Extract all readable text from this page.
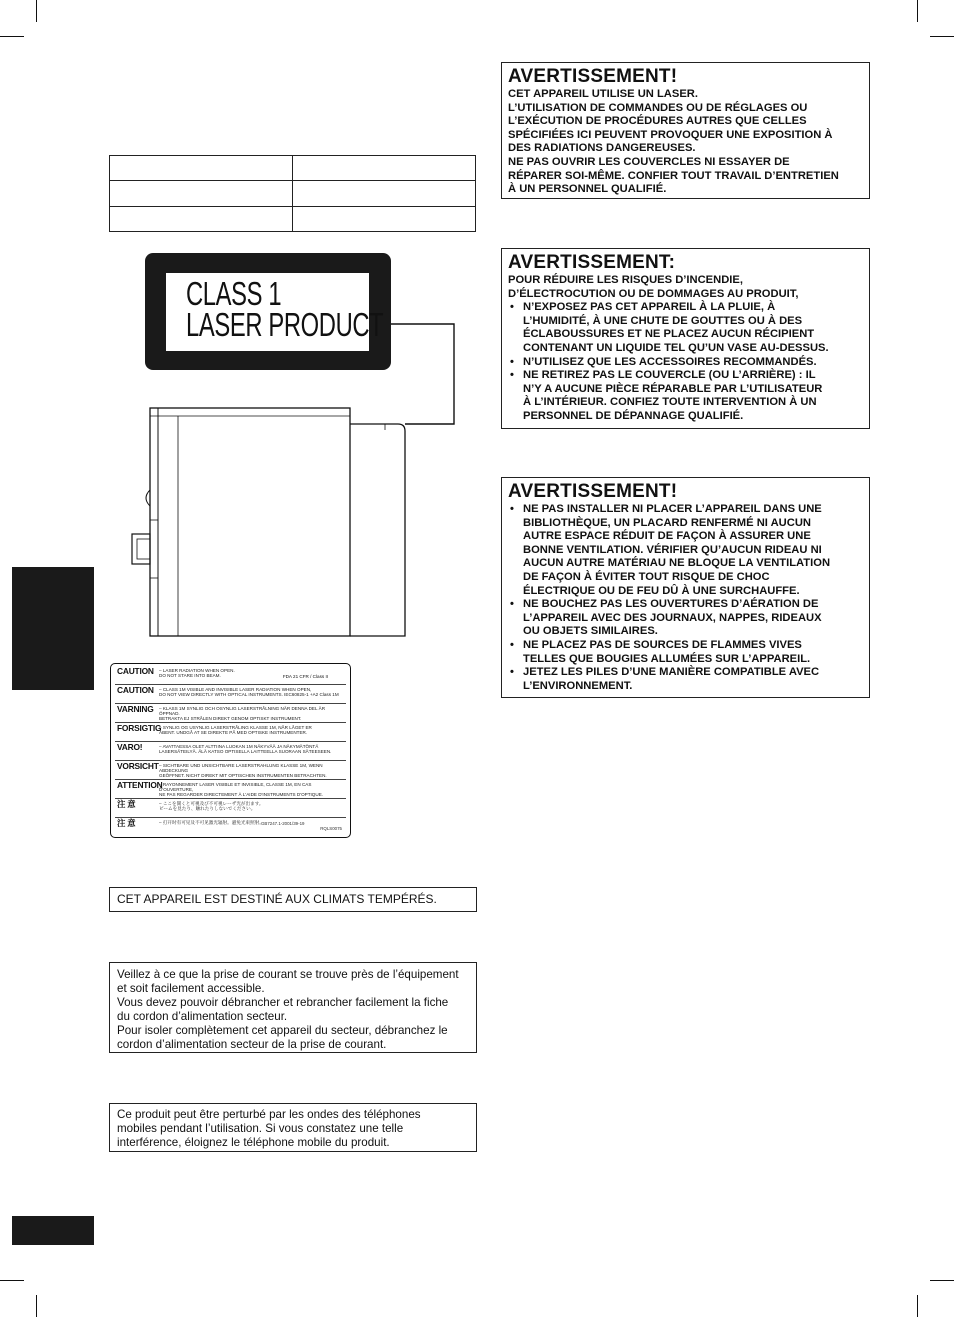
CLASS 1
LASER PRODUCT
CAUTION – LASER RADIATION WHEN OPEN.
DO NOT STARE INTO BEAM.	FDA 21 CFR / Class II
CAUTION – CLASS 1M VISIBLE AND INVISIBLE LASER RADIATION WHEN OPEN,
DO NOT VIEW DIRECTLY WITH OPTICAL INSTRUMENTS. IEC60825-1 +A2 Class 1M
VARNING – KLASS 1M SYNLIG OCH OSYNLIG LASERSTRÅLNING NÄR DENNA DEL ÄR ÖPPNAD.
BETRAKTA EJ STRÅLEN DIREKT GENOM OPTISKT INSTRUMENT.
FORSIGTIG
– SYNLIG OG USYNLIG LASERSTRÅLING KLASSE 1M, NÅR LÅGET ER
ÅBENT. UNDGÅ AT SE DIREKTE PÅ MED OPTISKE INSTRUMENTER.
VARO!	– AVATTAESSA OLET ALTTIINA LUOKAN 1M NÄKYVÄÄ JA NÄKYMÄTÖNTÄ
LASERSÄTEILYÄ. ÄLÄ KATSO OPTISELLA LAITTEELLA SUORAAN SÄTEESEEN.
VORSICHT – SICHTBARE UND UNSICHTBARE LASERSTRAHLUNG KLASSE 1M, WENN ABDECKUNG
GEÖFFNET. NICHT DIREKT MIT OPTISCHEN INSTRUMENTEN BETRACHTEN.
ATTENTION
– RAYONNEMENT LASER VISIBLE ET INVISIBLE, CLASSE 1M, EN CAS D'OUVERTURE,
NE PAS REGARDER DIRECTEMENT À L'AIDE D'INSTRUMENTS D'OPTIQUE.
注 意	– ここを開くと可視及び不可視レーザ光が出ます。
ビームを見たり、触れたりしないでください。
注 意	– 打开时有可见及不可见激光辐射。避免光束照射。
GB7247.1-2001/39-19
RQLS0075
CET APPAREIL EST DESTINÉ AUX CLIMATS TEMPÉRÉS.
Veillez à ce que la prise de courant se trouve près de l’équipement
et soit facilement accessible.
Vous devez pouvoir débrancher et rebrancher facilement la fiche
du cordon d’alimentation secteur.
Pour isoler complètement cet appareil du secteur, débranchez le
cordon d’alimentation secteur de la prise de courant.
Ce produit peut être perturbé par les ondes des téléphones
mobiles pendant l’utilisation. Si vous constatez une telle
interférence, éloignez le téléphone mobile du produit.
AVERTISSEMENT!

CET APPAREIL UTILISE UN LASER.
L’UTILISATION DE COMMANDES OU DE RÉGLAGES OU
L’EXÉCUTION DE PROCÉDURES AUTRES QUE CELLES
SPÉCIFIÉES ICI PEUVENT PROVOQUER UNE EXPOSITION À
DES RADIATIONS DANGEREUSES.
NE PAS OUVRIR LES COUVERCLES NI ESSAYER DE
RÉPARER SOI-MÊME. CONFIER TOUT TRAVAIL D’ENTRETIEN
À UN PERSONNEL QUALIFIÉ.

AVERTISSEMENT:

POUR RÉDUIRE LES RISQUES D’INCENDIE,
D’ÉLECTROCUTION OU DE DOMMAGES AU PRODUIT,

• N’EXPOSEZ PAS CET APPAREIL À LA PLUIE, À
L’HUMIDITÉ, À UNE CHUTE DE GOUTTES OU À DES
ÉCLABOUSSURES ET NE PLACEZ AUCUN RÉCIPIENT
CONTENANT UN LIQUIDE TEL QU’UN VASE AU-DESSUS.
• N’UTILISEZ QUE LES ACCESSOIRES RECOMMANDÉS.
• NE RETIREZ PAS LE COUVERCLE (OU L’ARRIÈRE) : IL
N’Y A AUCUNE PIÈCE RÉPARABLE PAR L’UTILISATEUR
À L’INTÉRIEUR. CONFIEZ TOUTE INTERVENTION À UN
PERSONNEL DE DÉPANNAGE QUALIFIÉ.
AVERTISSEMENT!
• NE PAS INSTALLER NI PLACER L’APPAREIL DANS UNE
BIBLIOTHÈQUE, UN PLACARD RENFERMÉ NI AUCUN
AUTRE ESPACE RÉDUIT DE FAÇON À ASSURER UNE
BONNE VENTILATION. VÉRIFIER QU’AUCUN RIDEAU NI
AUCUN AUTRE MATÉRIAU NE BLOQUE LA VENTILATION
DE FAÇON À ÉVITER TOUT RISQUE DE CHOC
ÉLECTRIQUE OU DE FEU DÛ À UNE SURCHAUFFE.
• NE BOUCHEZ PAS LES OUVERTURES D’AÉRATION DE
L’APPAREIL AVEC DES JOURNAUX, NAPPES, RIDEAUX
OU OBJETS SIMILAIRES.
• NE PLACEZ PAS DE SOURCES DE FLAMMES VIVES
TELLES QUE BOUGIES ALLUMÉES SUR L’APPAREIL.
• JETEZ LES PILES D’UNE MANIÈRE COMPATIBLE AVEC
L’ENVIRONNEMENT.
